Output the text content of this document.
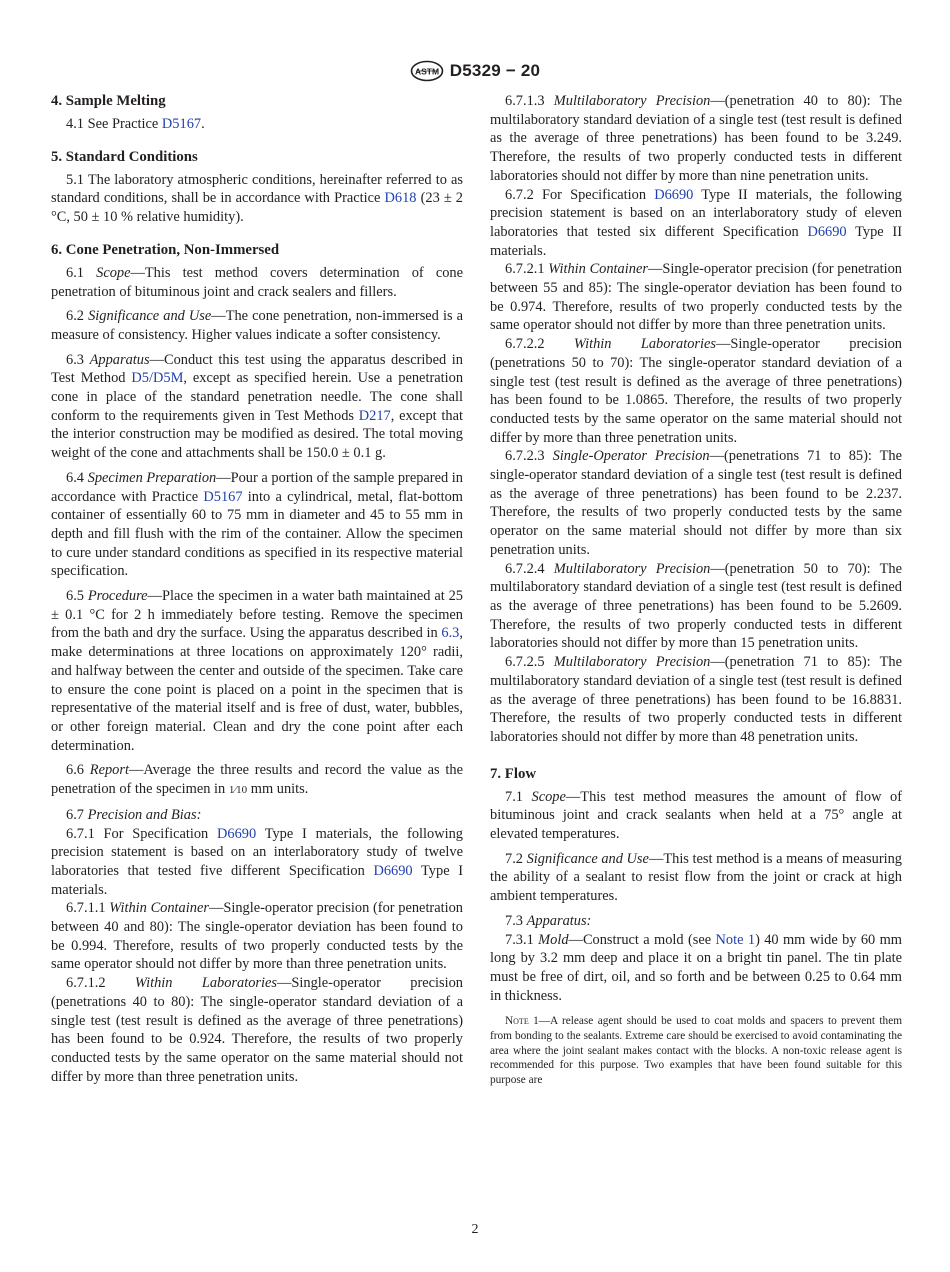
ASTM D5329 − 20
4. Sample Melting

4.1 See Practice D5167.

5. Standard Conditions

5.1 The laboratory atmospheric conditions, hereinafter referred to as standard conditions, shall be in accordance with Practice D618 (23 ± 2 °C, 50 ± 10 % relative humidity).

6. Cone Penetration, Non-Immersed

6.1 Scope—This test method covers determination of cone penetration of bituminous joint and crack sealers and fillers.

6.2 Significance and Use—The cone penetration, non-immersed is a measure of consistency. Higher values indicate a softer consistency.

6.3 Apparatus—Conduct this test using the apparatus described in Test Method D5/D5M, except as specified herein. Use a penetration cone in place of the standard penetration needle. The cone shall conform to the requirements given in Test Methods D217, except that the interior construction may be modified as desired. The total moving weight of the cone and attachments shall be 150.0 ± 0.1 g.

6.4 Specimen Preparation—Pour a portion of the sample prepared in accordance with Practice D5167 into a cylindrical, metal, flat-bottom container of essentially 60 to 75 mm in diameter and 45 to 55 mm in depth and fill flush with the rim of the container. Allow the specimen to cure under standard conditions as specified in its respective material specification.

6.5 Procedure—Place the specimen in a water bath maintained at 25 ± 0.1 °C for 2 h immediately before testing. Remove the specimen from the bath and dry the surface. Using the apparatus described in 6.3, make determinations at three locations on approximately 120° radii, and halfway between the center and outside of the specimen. Take care to ensure the cone point is placed on a point in the specimen that is representative of the material itself and is free of dust, water, bubbles, or other foreign material. Clean and dry the cone point after each determination.

6.6 Report—Average the three results and record the value as the penetration of the specimen in 1⁄10 mm units.

6.7 Precision and Bias:

6.7.1 For Specification D6690 Type I materials, the following precision statement is based on an interlaboratory study of twelve laboratories that tested five different Specification D6690 Type I materials.

6.7.1.1 Within Container—Single-operator precision (for penetration between 40 and 80): The single-operator deviation has been found to be 0.994. Therefore, results of two properly conducted tests by the same operator should not differ by more than three penetration units.

6.7.1.2 Within Laboratories—Single-operator precision (penetrations 40 to 80): The single-operator standard deviation of a single test (test result is defined as the average of three penetrations) has been found to be 0.924. Therefore, the results of two properly conducted tests by the same operator on the same material should not differ by more than three penetration units.

6.7.1.3 Multilaboratory Precision—(penetration 40 to 80): The multilaboratory standard deviation of a single test (test result is defined as the average of three penetrations) has been found to be 3.249. Therefore, the results of two properly conducted tests in different laboratories should not differ by more than nine penetration units.

6.7.2 For Specification D6690 Type II materials, the following precision statement is based on an interlaboratory study of eleven laboratories that tested six different Specification D6690 Type II materials.

6.7.2.1 Within Container—Single-operator precision (for penetration between 55 and 85): The single-operator deviation has been found to be 0.974. Therefore, results of two properly conducted tests by the same operator should not differ by more than three penetration units.

6.7.2.2 Within Laboratories—Single-operator precision (penetrations 50 to 70): The single-operator standard deviation of a single test (test result is defined as the average of three penetrations) has been found to be 1.0865. Therefore, the results of two properly conducted tests by the same operator on the same material should not differ by more than three penetration units.

6.7.2.3 Single-Operator Precision—(penetrations 71 to 85): The single-operator standard deviation of a single test (test result is defined as the average of three penetrations) has been found to be 2.237. Therefore, the results of two properly conducted tests by the same operator on the same material should not differ by more than six penetration units.

6.7.2.4 Multilaboratory Precision—(penetration 50 to 70): The multilaboratory standard deviation of a single test (test result is defined as the average of three penetrations) has been found to be 5.2609. Therefore, the results of two properly conducted tests in different laboratories should not differ by more than 15 penetration units.

6.7.2.5 Multilaboratory Precision—(penetration 71 to 85): The multilaboratory standard deviation of a single test (test result is defined as the average of three penetrations) has been found to be 16.8831. Therefore, the results of two properly conducted tests in different laboratories should not differ by more than 48 penetration units.

7. Flow

7.1 Scope—This test method measures the amount of flow of bituminous joint and crack sealants when held at a 75° angle at elevated temperatures.

7.2 Significance and Use—This test method is a means of measuring the ability of a sealant to resist flow from the joint or crack at high ambient temperatures.

7.3 Apparatus:

7.3.1 Mold—Construct a mold (see Note 1) 40 mm wide by 60 mm long by 3.2 mm deep and place it on a bright tin panel. The tin plate must be free of dirt, oil, and so forth and be between 0.25 to 0.64 mm in thickness.

Note 1—A release agent should be used to coat molds and spacers to prevent them from bonding to the sealants. Extreme care should be exercised to avoid contaminating the area where the joint sealant makes contact with the blocks. A non-toxic release agent is recommended for this purpose. Two examples that have been found suitable for this purpose are

2
